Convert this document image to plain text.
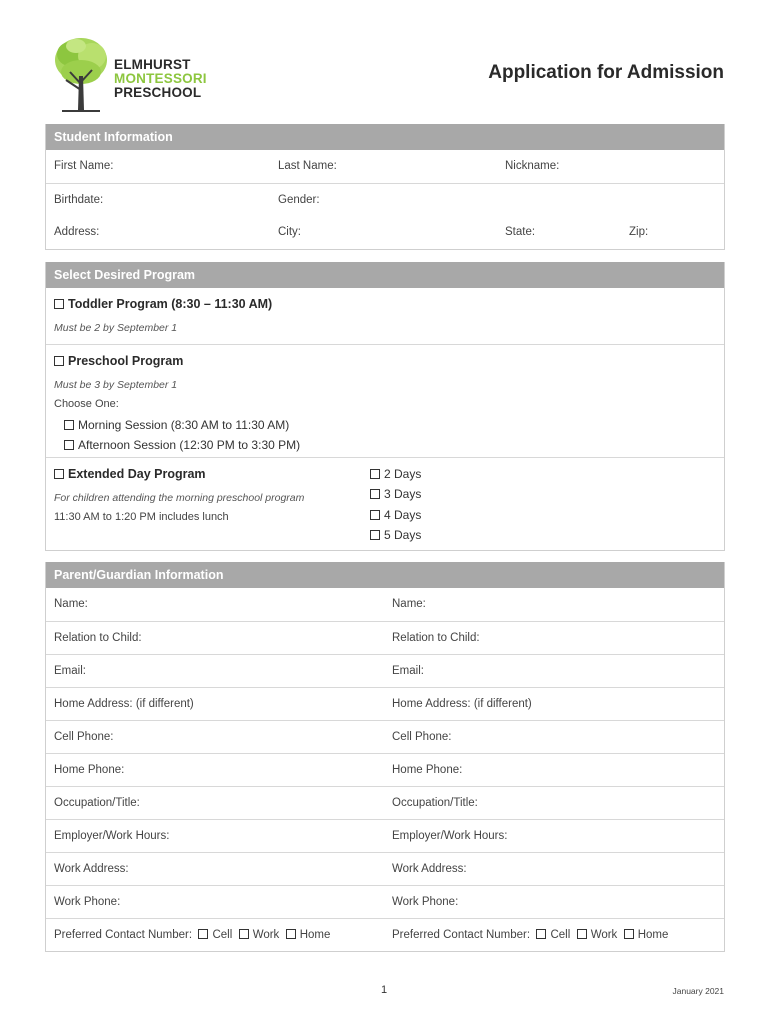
ELMHURST
MONTESSORI
PRESCHOOL
Application for Admission
Student Information
First Name:	Last Name:	Nickname:
Birthdate:	Gender:
Address:	City:	State:	Zip:
Select Desired Program
Toddler Program (8:30 – 11:30 AM)
Must be 2 by September 1
Preschool Program
Must be 3 by September 1
Choose One:
Morning Session (8:30 AM to 11:30 AM)
Afternoon Session (12:30 PM to 3:30 PM)
Extended Day Program
For children attending the morning preschool program
11:30 AM to 1:20 PM includes lunch
2 Days
3 Days
4 Days
5 Days
Parent/Guardian Information
Name:	Name:
Relation to Child:	Relation to Child:
Email:	Email:
Home Address: (if different)	Home Address: (if different)
Cell Phone:	Cell Phone:
Home Phone:	Home Phone:
Occupation/Title:	Occupation/Title:
Employer/Work Hours:	Employer/Work Hours:
Work Address:	Work Address:
Work Phone:	Work Phone:
Preferred Contact Number: Cell Work Home	Preferred Contact Number: Cell Work Home
1	January 2021
